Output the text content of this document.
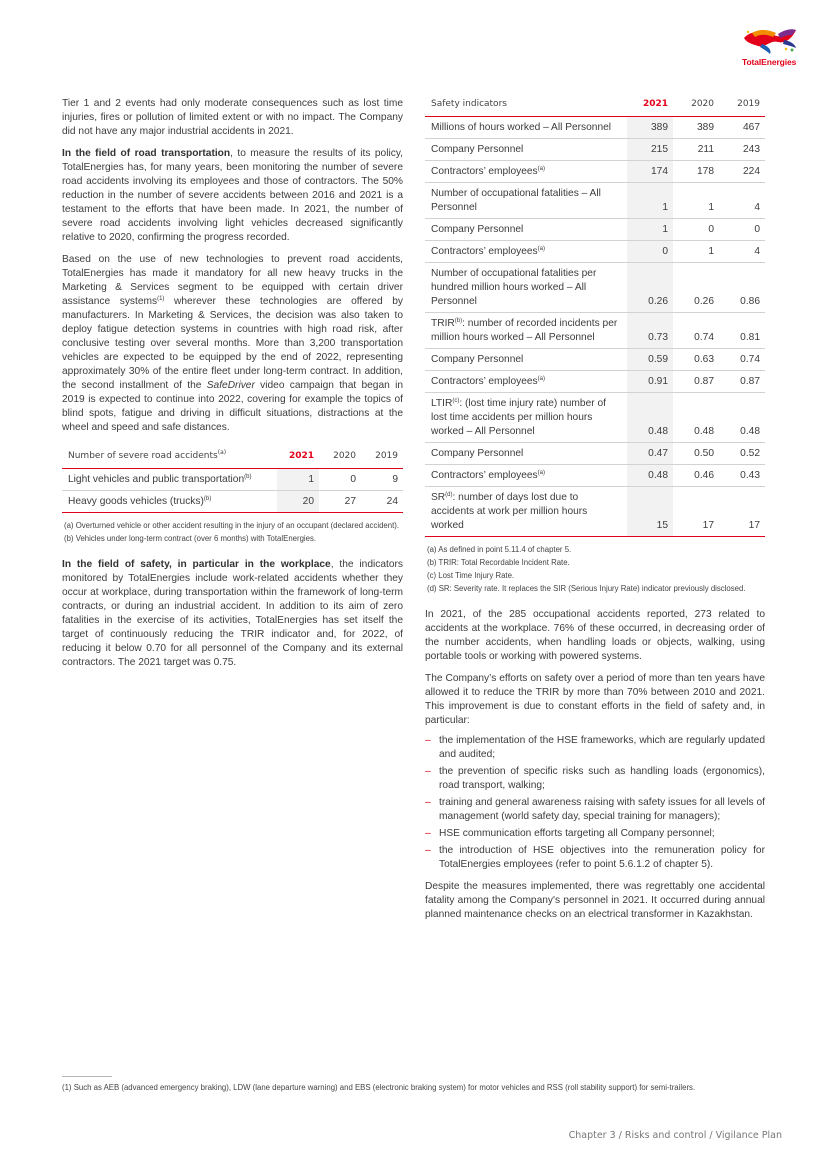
TotalEnergies

Tier 1 and 2 events had only moderate consequences such as lost time injuries, fires or pollution of limited extent or with no impact. The Company did not have any major industrial accidents in 2021.

In the field of road transportation, to measure the results of its policy, TotalEnergies has, for many years, been monitoring the number of severe road accidents involving its employees and those of contractors. The 50% reduction in the number of severe accidents between 2016 and 2021 is a testament to the efforts that have been made. In 2021, the number of severe road accidents involving light vehicles decreased significantly relative to 2020, confirming the progress recorded.

Based on the use of new technologies to prevent road accidents, TotalEnergies has made it mandatory for all new heavy trucks in the Marketing & Services segment to be equipped with certain driver assistance systems$^{(1)}$ wherever these technologies are offered by manufacturers. In Marketing & Services, the decision was also taken to deploy fatigue detection systems in countries with high road risk, after conclusive testing over several months. More than 3,200 transportation vehicles are expected to be equipped by the end of 2022, representing approximately 30% of the entire fleet under long-term contract. In addition, the second installment of the SafeDriver video campaign that began in 2019 is expected to continue into 2022, covering for example the topics of blind spots, fatigue and driving in difficult situations, distractions at the wheel and speed and safe distances.

Number of severe road accidents$^{(a)}$	2021	2020	2019
Light vehicles and public transportation$^{(b)}$	1	0	9
Heavy goods vehicles (trucks)$^{(b)}$	20	27	24
(a) Overturned vehicle or other accident resulting in the injury of an occupant (declared accident).
(b) Vehicles under long-term contract (over 6 months) with TotalEnergies.

In the field of safety, in particular in the workplace, the indicators monitored by TotalEnergies include work-related accidents whether they occur at workplace, during transportation within the framework of long-term contracts, or during an industrial accident. In addition to its aim of zero fatalities in the exercise of its activities, TotalEnergies has set itself the target of continuously reducing the TRIR indicator and, for 2022, of reducing it below 0.70 for all personnel of the Company and its external contractors. The 2021 target was 0.75.

Safety indicators	2021	2020	2019
Millions of hours worked – All Personnel	389	389	467
Company Personnel	215	211	243
Contractors’ employees$^{(a)}$	174	178	224
Number of occupational fatalities – All Personnel	1	1	4
Company Personnel	1	0	0
Contractors’ employees$^{(a)}$	0	1	4
Number of occupational fatalities per hundred million hours worked – All Personnel	0.26	0.26	0.86
TRIR$^{(b)}$: number of recorded incidents per million hours worked – All Personnel	0.73	0.74	0.81
Company Personnel	0.59	0.63	0.74
Contractors’ employees$^{(a)}$	0.91	0.87	0.87
LTIR$^{(c)}$: (lost time injury rate) number of lost time accidents per million hours worked – All Personnel	0.48	0.48	0.48
Company Personnel	0.47	0.50	0.52
Contractors’ employees$^{(a)}$	0.48	0.46	0.43
SR$^{(d)}$: number of days lost due to accidents at work per million hours worked	15	17	17
(a) As defined in point 5.11.4 of chapter 5.
(b) TRIR: Total Recordable Incident Rate.
(c) Lost Time Injury Rate.
(d) SR: Severity rate. It replaces the SIR (Serious Injury Rate) indicator previously disclosed.

In 2021, of the 285 occupational accidents reported, 273 related to accidents at the workplace. 76% of these occurred, in decreasing order of the number accidents, when handling loads or objects, walking, using portable tools or working with powered systems.

The Company’s efforts on safety over a period of more than ten years have allowed it to reduce the TRIR by more than 70% between 2010 and 2021. This improvement is due to constant efforts in the field of safety and, in particular:

– the implementation of the HSE frameworks, which are regularly updated and audited;
– the prevention of specific risks such as handling loads (ergonomics), road transport, walking;
– training and general awareness raising with safety issues for all levels of management (world safety day, special training for managers);
– HSE communication efforts targeting all Company personnel;
– the introduction of HSE objectives into the remuneration policy for TotalEnergies employees (refer to point 5.6.1.2 of chapter 5).

Despite the measures implemented, there was regrettably one accidental fatality among the Company's personnel in 2021. It occurred during annual planned maintenance checks on an electrical transformer in Kazakhstan.

(1) Such as AEB (advanced emergency braking), LDW (lane departure warning) and EBS (electronic braking system) for motor vehicles and RSS (roll stability support) for semi-trailers.
Chapter 3 / Risks and control / Vigilance Plan
